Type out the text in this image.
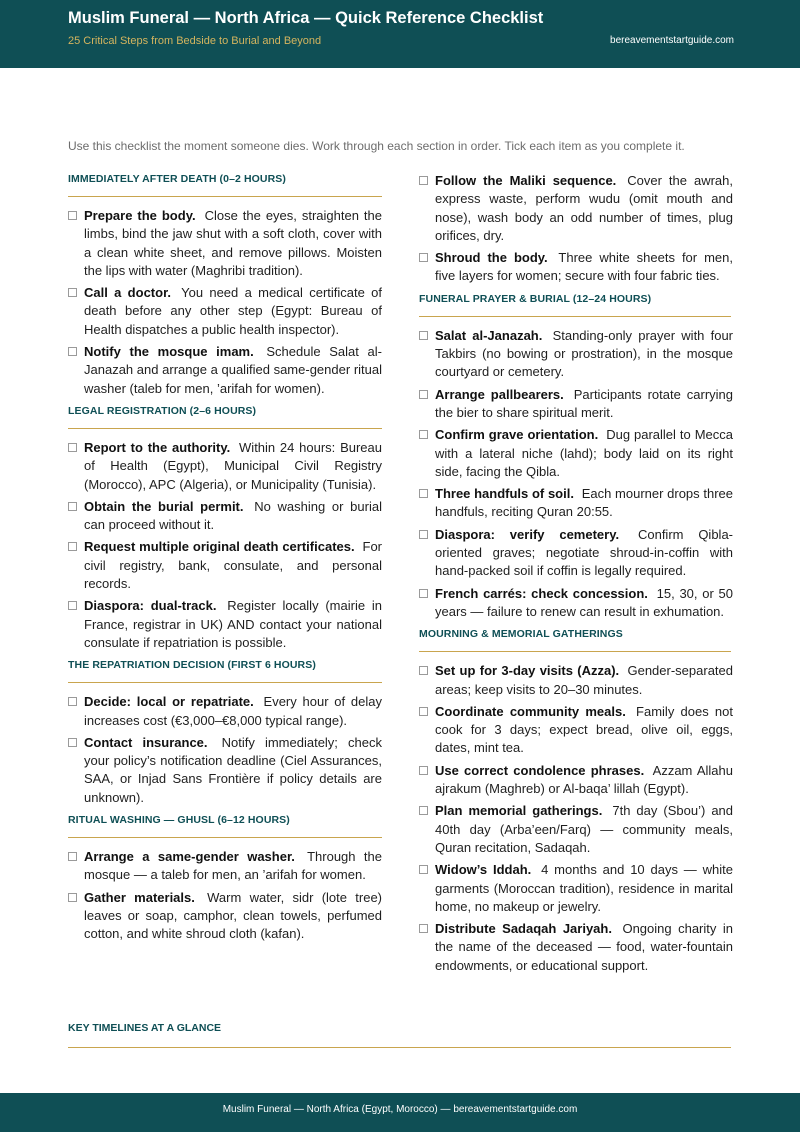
Muslim Funeral — North Africa — Quick Reference Checklist
25 Critical Steps from Bedside to Burial and Beyond	bereavementstartguide.com
Use this checklist the moment someone dies. Work through each section in order. Tick each item as you complete it.
IMMEDIATELY AFTER DEATH (0–2 HOURS)
Prepare the body. Close the eyes, straighten the limbs, bind the jaw shut with a soft cloth, cover with a clean white sheet, and remove pillows. Moisten the lips with water (Maghribi tradition).
Call a doctor. You need a medical certificate of death before any other step (Egypt: Bureau of Health dispatches a public health inspector).
Notify the mosque imam. Schedule Salat al-Janazah and arrange a qualified same-gender ritual washer (taleb for men, ’arifah for women).
LEGAL REGISTRATION (2–6 HOURS)
Report to the authority. Within 24 hours: Bureau of Health (Egypt), Municipal Civil Registry (Morocco), APC (Algeria), or Municipality (Tunisia).
Obtain the burial permit. No washing or burial can proceed without it.
Request multiple original death certificates. For civil registry, bank, consulate, and personal records.
Diaspora: dual-track. Register locally (mairie in France, registrar in UK) AND contact your national consulate if repatriation is possible.
THE REPATRIATION DECISION (FIRST 6 HOURS)
Decide: local or repatriate. Every hour of delay increases cost (€3,000–€8,000 typical range).
Contact insurance. Notify immediately; check your policy’s notification deadline (Ciel Assurances, SAA, or Injad Sans Frontière if policy details are unknown).
RITUAL WASHING — GHUSL (6–12 HOURS)
Arrange a same-gender washer. Through the mosque — a taleb for men, an ’arifah for women.
Gather materials. Warm water, sidr (lote tree) leaves or soap, camphor, clean towels, perfumed cotton, and white shroud cloth (kafan).
Follow the Maliki sequence. Cover the awrah, express waste, perform wudu (omit mouth and nose), wash body an odd number of times, plug orifices, dry.
Shroud the body. Three white sheets for men, five layers for women; secure with four fabric ties.
FUNERAL PRAYER & BURIAL (12–24 HOURS)
Salat al-Janazah. Standing-only prayer with four Takbirs (no bowing or prostration), in the mosque courtyard or cemetery.
Arrange pallbearers. Participants rotate carrying the bier to share spiritual merit.
Confirm grave orientation. Dug parallel to Mecca with a lateral niche (lahd); body laid on its right side, facing the Qibla.
Three handfuls of soil. Each mourner drops three handfuls, reciting Quran 20:55.
Diaspora: verify cemetery. Confirm Qibla-oriented graves; negotiate shroud-in-coffin with hand-packed soil if coffin is legally required.
French carrés: check concession. 15, 30, or 50 years — failure to renew can result in exhumation.
MOURNING & MEMORIAL GATHERINGS
Set up for 3-day visits (Azza). Gender-separated areas; keep visits to 20–30 minutes.
Coordinate community meals. Family does not cook for 3 days; expect bread, olive oil, eggs, dates, mint tea.
Use correct condolence phrases. Azzam Allahu ajrakum (Maghreb) or Al-baqa’ lillah (Egypt).
Plan memorial gatherings. 7th day (Sbou’) and 40th day (Arba’een/Farq) — community meals, Quran recitation, Sadaqah.
Widow’s Iddah. 4 months and 10 days — white garments (Moroccan tradition), residence in marital home, no makeup or jewelry.
Distribute Sadaqah Jariyah. Ongoing charity in the name of the deceased — food, water-fountain endowments, or educational support.
KEY TIMELINES AT A GLANCE
Muslim Funeral — North Africa (Egypt, Morocco) — bereavementstartguide.com
